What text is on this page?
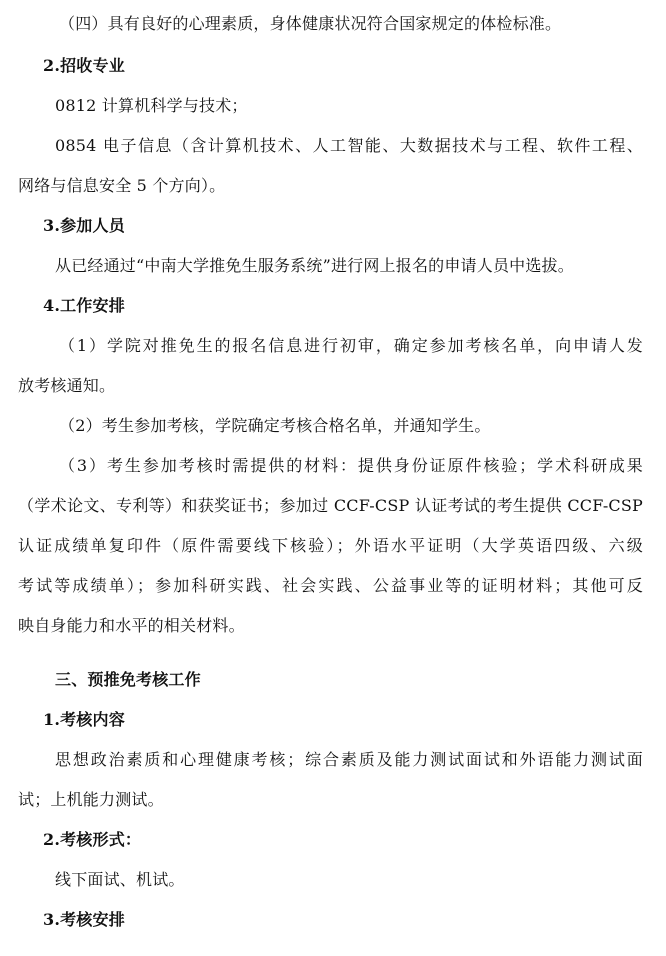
（四）具有良好的心理素质，身体健康状况符合国家规定的体检标准。
2.招收专业
0812 计算机科学与技术；
0854 电子信息（含计算机技术、人工智能、大数据技术与工程、软件工程、
网络与信息安全 5 个方向）。
3.参加人员
从已经通过“中南大学推免生服务系统”进行网上报名的申请人员中选拔。
4.工作安排
（1）学院对推免生的报名信息进行初审，确定参加考核名单，向申请人发
放考核通知。
（2）考生参加考核，学院确定考核合格名单，并通知学生。
（3）考生参加考核时需提供的材料：提供身份证原件核验；学术科研成果
（学术论文、专利等）和获奖证书；参加过 CCF-CSP 认证考试的考生提供 CCF-CSP
认证成绩单复印件（原件需要线下核验）；外语水平证明（大学英语四级、六级
考试等成绩单）；参加科研实践、社会实践、公益事业等的证明材料；其他可反
映自身能力和水平的相关材料。
三、预推免考核工作
1.考核内容
思想政治素质和心理健康考核；综合素质及能力测试面试和外语能力测试面
试；上机能力测试。
2.考核形式：
线下面试、机试。
3.考核安排
